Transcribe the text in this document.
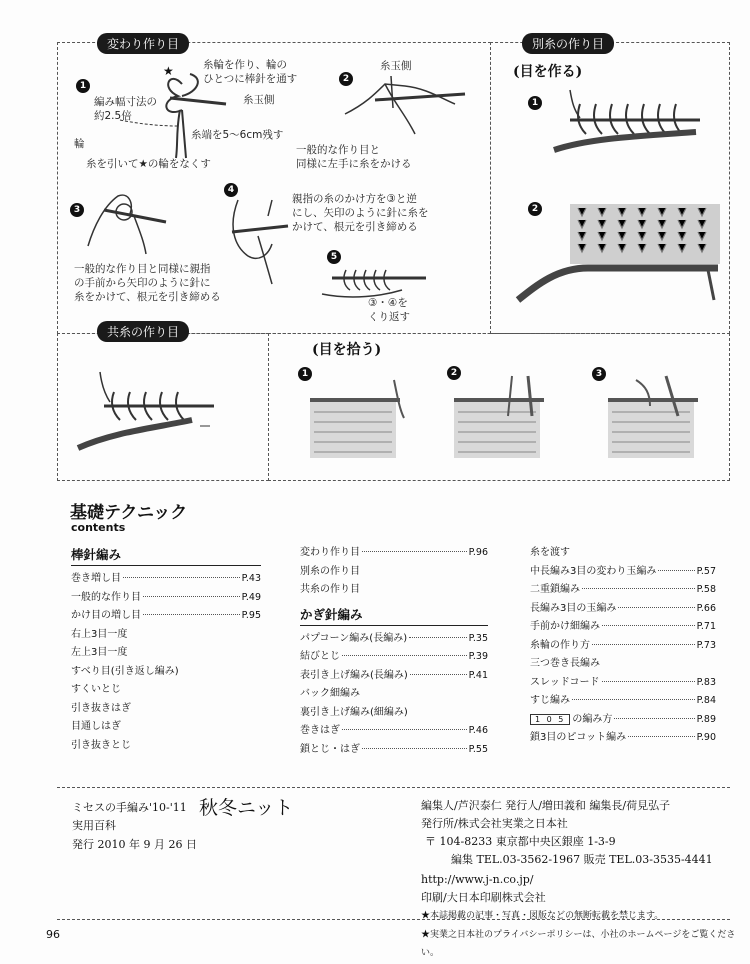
変わり作り目	別糸の作り目
共糸の作り目
1
★	糸輪を作り、輪の
ひとつに棒針を通す
糸玉側
編み幅寸法の
約2.5倍
糸端を5〜6cm残す
輪
糸を引いて★の輪をなくす
2
糸玉側
一般的な作り目と
同様に左手に糸をかける
3
一般的な作り目と同様に親指
の手前から矢印のように針に
糸をかけて、根元を引き締める
4
親指の糸のかけ方を③と逆
にし、矢印のように針に糸を
かけて、根元を引き締める
5
③・④を
くり返す
(目を作る)
1
2
(目を拾う)
1	2	3
基礎テクニック
contents
棒針編み
巻き増し目	P.43
一般的な作り目	P.49
かけ目の増し目	P.95
右上3目一度
左上3目一度
すべり目(引き返し編み)
すくいとじ
引き抜きはぎ
目通しはぎ
引き抜きとじ
変わり作り目	P.96
別糸の作り目
共糸の作り目
かぎ針編み
パプコーン編み(長編み)	P.35
結びとじ	P.39
表引き上げ編み(長編み)	P.41
バック細編み
裏引き上げ編み(細編み)
巻きはぎ	P.46
鎖とじ・はぎ	P.55
糸を渡す
中長編み3目の変わり玉編み	P.57
二重鎖編み	P.58
長編み3目の玉編み	P.66
手前かけ細編み	P.71
糸輪の作り方	P.73
三つ巻き長編み
スレッドコード	P.83
すじ編み	P.84
1 0 5 の編み方	P.89
鎖3目のピコット編み	P.90
ミセスの手編み'10-'11 秋冬ニット
実用百科
発行 2010 年 9 月 26 日
編集人/芦沢泰仁 発行人/増田義和 編集長/荷見弘子
発行所/株式会社実業之日本社
〒 104-8233 東京都中央区銀座 1-3-9
編集 TEL.03-3562-1967 販売 TEL.03-3535-4441
http://www.j-n.co.jp/
印刷/大日本印刷株式会社
★本誌掲載の記事・写真・図版などの無断転載を禁じます。
★実業之日本社のプライバシーポリシーは、小社のホームページをご覧ください。
96
